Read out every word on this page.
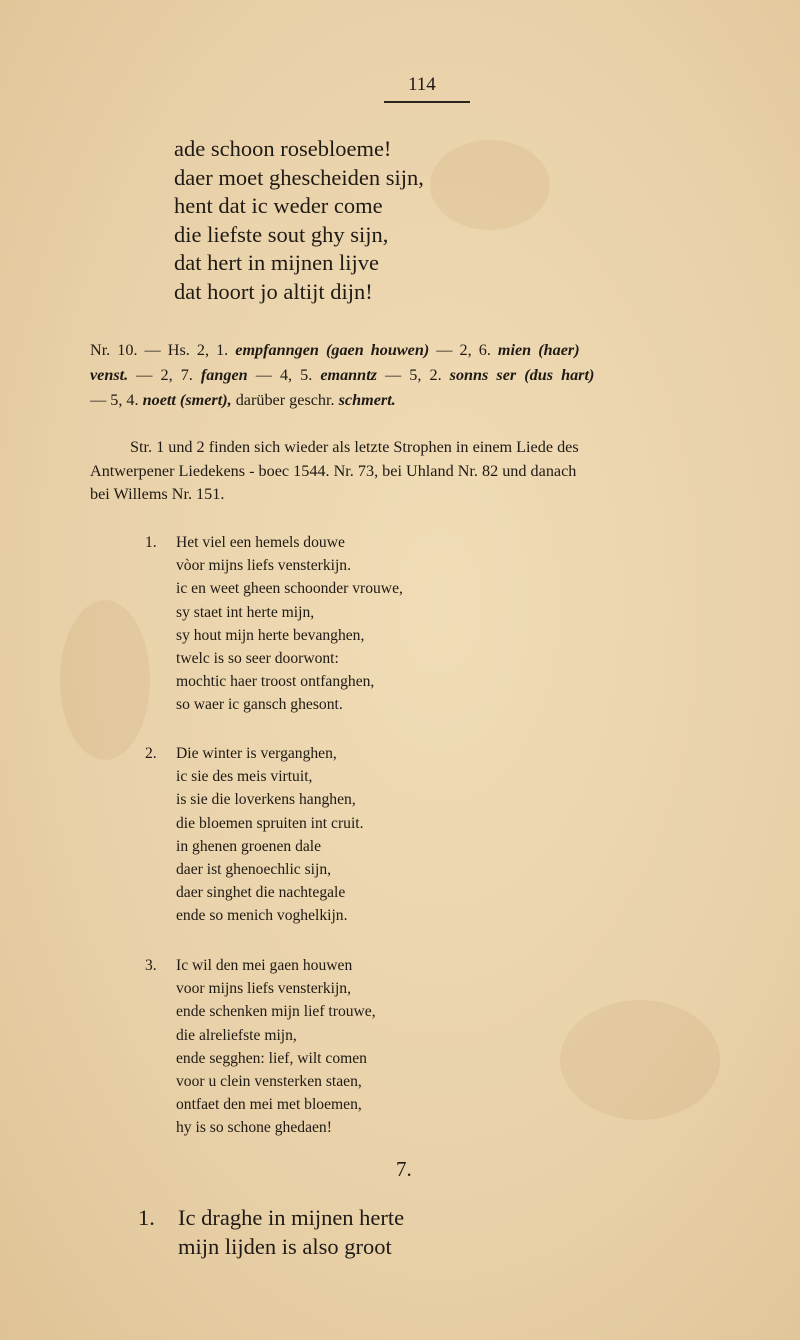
114
ade schoon rosebloeme!
daer moet ghescheiden sijn,
hent dat ic weder come
die liefste sout ghy sijn,
dat hert in mijnen lijve
dat hoort jo altijt dijn!
Nr. 10. — Hs. 2, 1. empfanngen (gaen houwen) — 2, 6. mien (haer)
venst. — 2, 7. fangen — 4, 5. emanntz — 5, 2. sonns ser (dus hart)
— 5, 4. noett (smert), darüber geschr. schmert.
Str. 1 und 2 finden sich wieder als letzte Strophen in einem Liede des
Antwerpener Liedekens - boec 1544. Nr. 73, bei Uhland Nr. 82 und danach
bei Willems Nr. 151.
1. Het viel een hemels douwe
vòor mijns liefs vensterkijn.
ic en weet gheen schoonder vrouwe,
sy staet int herte mijn,
sy hout mijn herte bevanghen,
twelc is so seer doorwont:
mochtic haer troost ontfanghen,
so waer ic gansch ghesont.
2. Die winter is verganghen,
ic sie des meis virtuit,
is sie die loverkens hanghen,
die bloemen spruiten int cruit.
in ghenen groenen dale
daer ist ghenoechlic sijn,
daer singhet die nachtegale
ende so menich voghelkijn.
3. Ic wil den mei gaen houwen
voor mijns liefs vensterkijn,
ende schenken mijn lief trouwe,
die alreliefste mijn,
ende segghen: lief, wilt comen
voor u clein vensterken staen,
ontfaet den mei met bloemen,
hy is so schone ghedaen!
7.
1. Ic draghe in mijnen herte
mijn lijden is also groot
